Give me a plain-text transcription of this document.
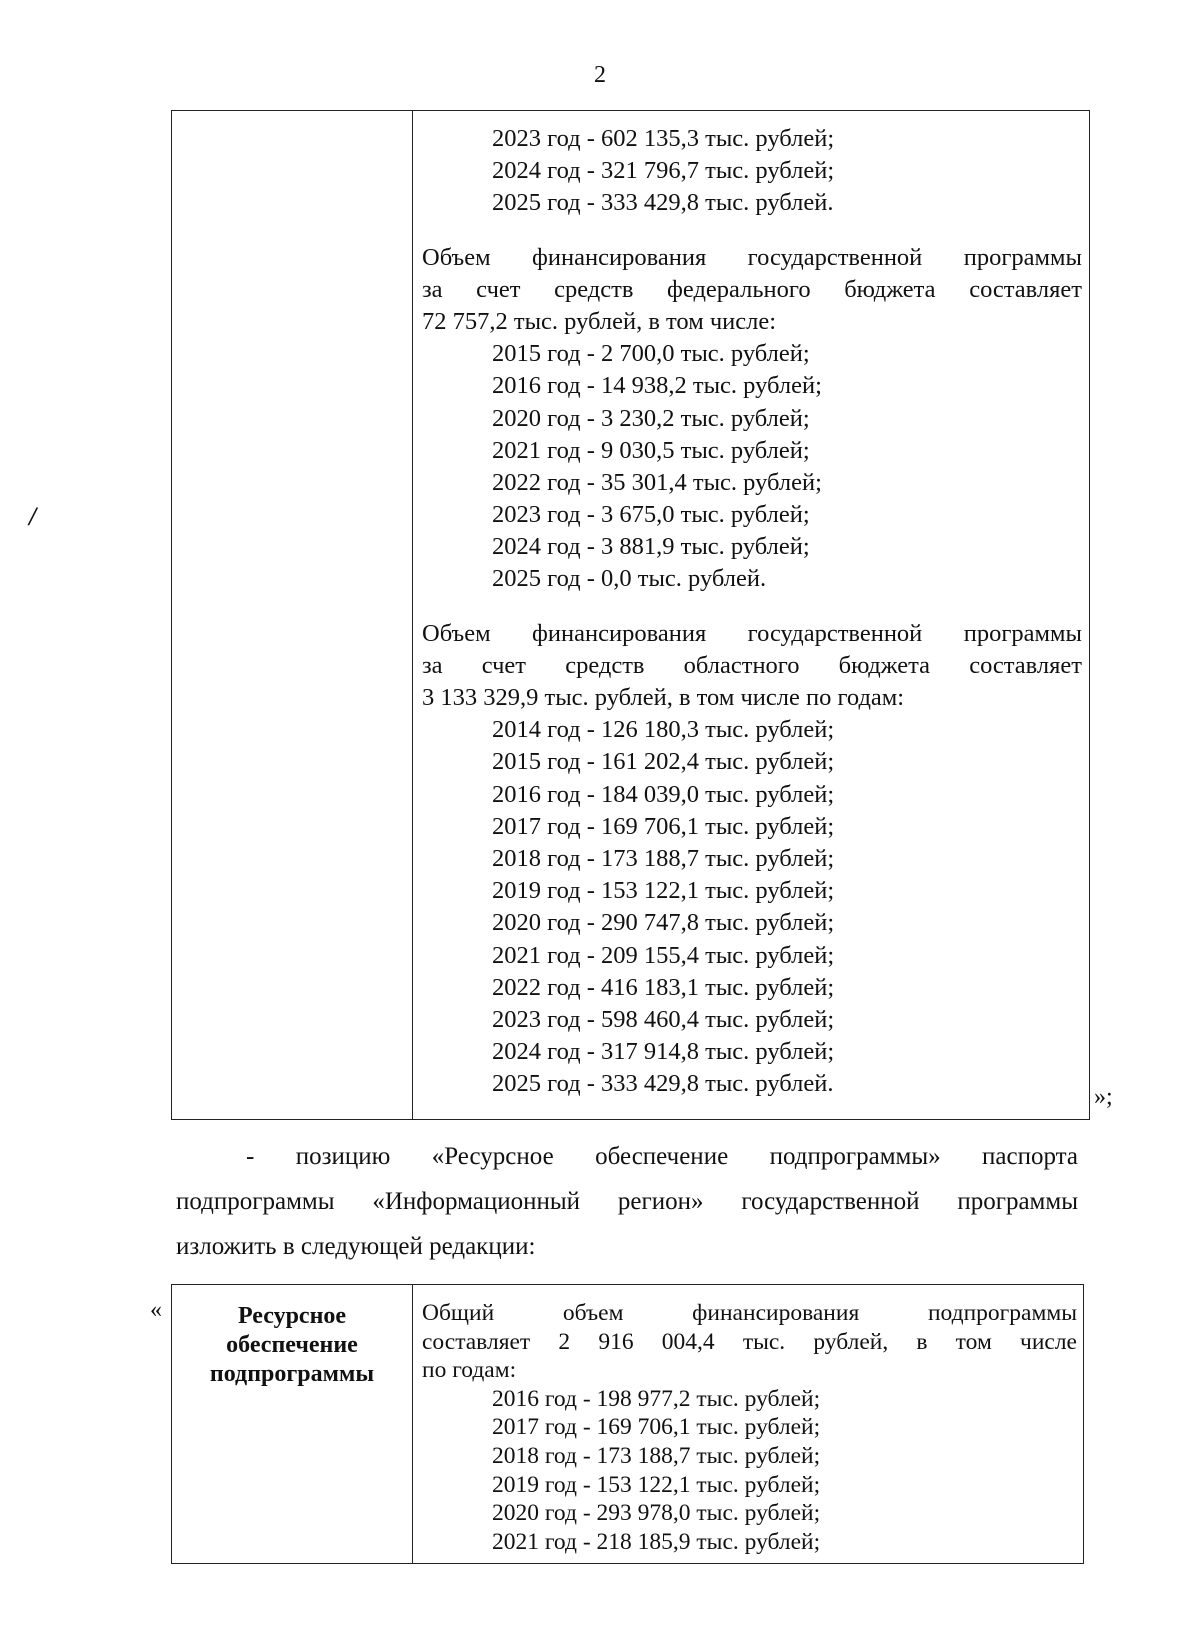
2
/
2023 год - 602 135,3 тыс. рублей;
2024 год - 321 796,7 тыс. рублей;
2025 год - 333 429,8 тыс. рублей.
Объем финансирования государственной программы
за счет средств федерального бюджета составляет
72 757,2 тыс. рублей, в том числе:
2015 год - 2 700,0 тыс. рублей;
2016 год - 14 938,2 тыс. рублей;
2020 год - 3 230,2 тыс. рублей;
2021 год - 9 030,5 тыс. рублей;
2022 год - 35 301,4 тыс. рублей;
2023 год - 3 675,0 тыс. рублей;
2024 год - 3 881,9 тыс. рублей;
2025 год - 0,0 тыс. рублей.
Объем финансирования государственной программы
за счет средств областного бюджета составляет
3 133 329,9 тыс. рублей, в том числе по годам:
2014 год - 126 180,3 тыс. рублей;
2015 год - 161 202,4 тыс. рублей;
2016 год - 184 039,0 тыс. рублей;
2017 год - 169 706,1 тыс. рублей;
2018 год - 173 188,7 тыс. рублей;
2019 год - 153 122,1 тыс. рублей;
2020 год - 290 747,8 тыс. рублей;
2021 год - 209 155,4 тыс. рублей;
2022 год - 416 183,1 тыс. рублей;
2023 год - 598 460,4 тыс. рублей;
2024 год - 317 914,8 тыс. рублей;
2025 год - 333 429,8 тыс. рублей.	»;
- позицию «Ресурсное обеспечение подпрограммы» паспорта
подпрограммы «Информационный регион» государственной программы
изложить в следующей редакции:
«	Ресурсное
обеспечение
подпрограммы
Общий объем финансирования подпрограммы
составляет 2 916 004,4 тыс. рублей, в том числе
по годам:
2016 год - 198 977,2 тыс. рублей;
2017 год - 169 706,1 тыс. рублей;
2018 год - 173 188,7 тыс. рублей;
2019 год - 153 122,1 тыс. рублей;
2020 год - 293 978,0 тыс. рублей;
2021 год - 218 185,9 тыс. рублей;
